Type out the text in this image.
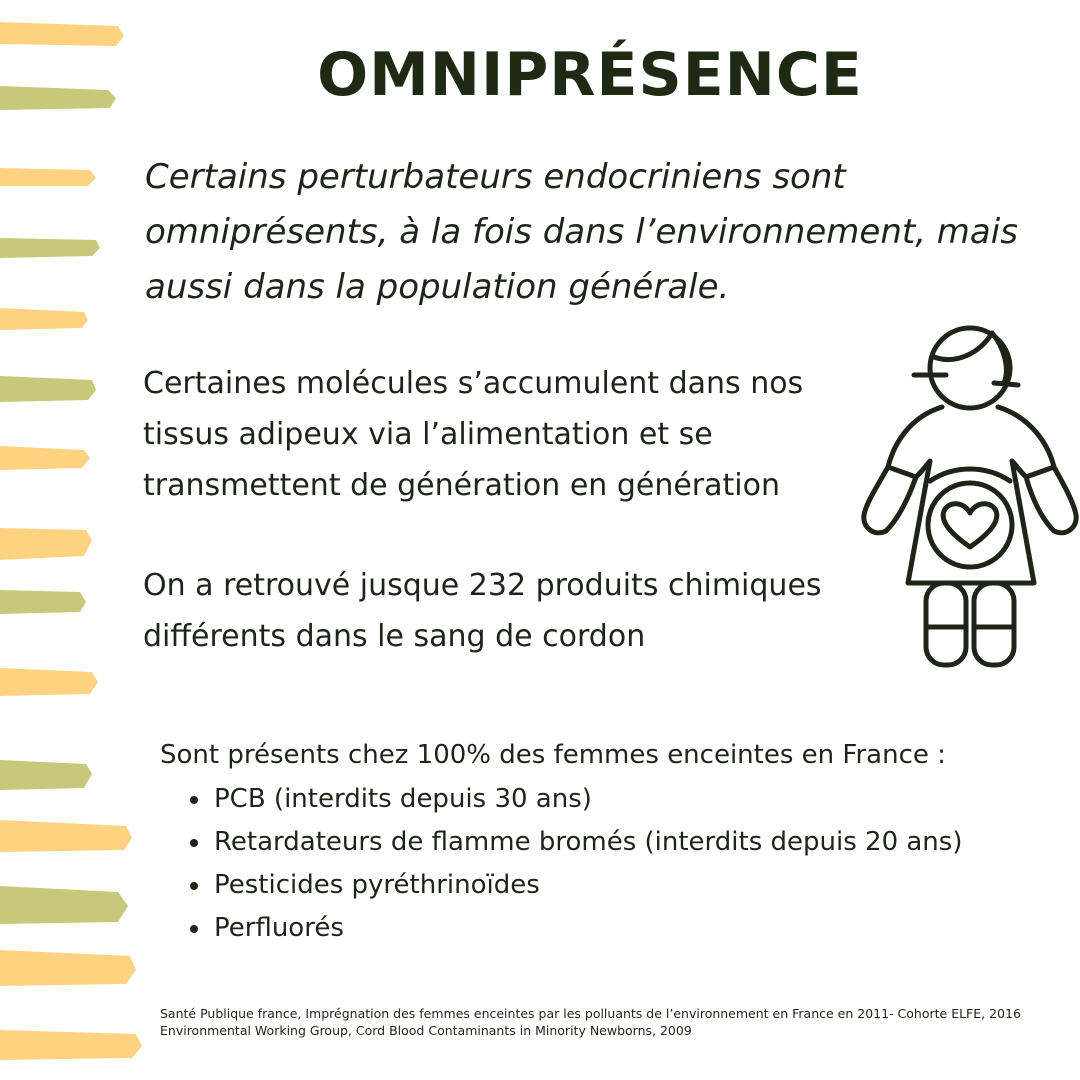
OMNIPRÉSENCE

Certains perturbateurs endocriniens sont omniprésents, à la fois dans l’environnement, mais aussi dans la population générale.

Certaines molécules s’accumulent dans nos tissus adipeux via l’alimentation et se transmettent de génération en génération

On a retrouvé jusque 232 produits chimiques différents dans le sang de cordon

Sont présents chez 100% des femmes enceintes en France :

• PCB (interdits depuis 30 ans)
• Retardateurs de flamme bromés (interdits depuis 20 ans)
• Pesticides pyréthrinoïdes
• Perfluorés
Santé Publique france, Imprégnation des femmes enceintes par les polluants de l’environnement en France en 2011- Cohorte ELFE, 2016
Environmental Working Group, Cord Blood Contaminants in Minority Newborns, 2009
